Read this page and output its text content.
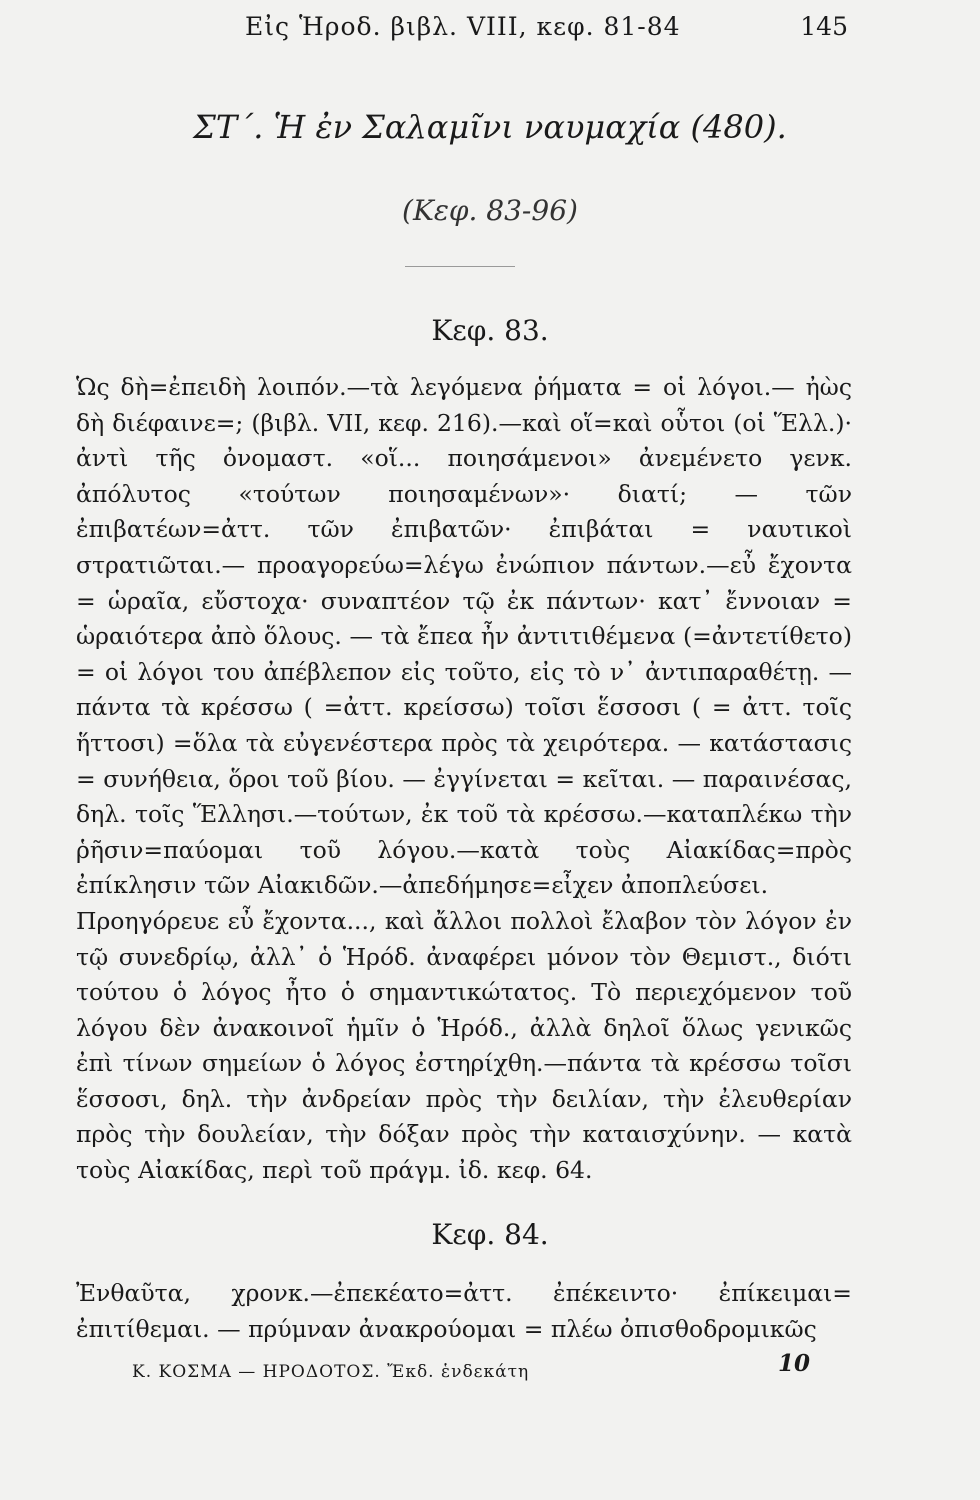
Εἰς Ἡροδ. βιβλ. VIII, κεφ. 81-84	145
ΣΤ΄. Ἡ ἐν Σαλαμῖνι ναυμαχία (480).
(Κεφ. 83-96)
Κεφ. 83.

Ὡς δὴ=ἐπειδὴ λοιπόν.—τὰ λεγόμενα ῥήματα = οἱ λόγοι.— ἠὼς δὴ διέφαινε=; (βιβλ. VII, κεφ. 216).—καὶ οἵ=καὶ οὗτοι (οἱ Ἕλλ.)· ἀντὶ τῆς ὀνομαστ. «οἵ... ποιησάμενοι» ἀνεμένετο γενκ. ἀπόλυτος «τούτων ποιησαμένων»· διατί; — τῶν ἐπιβατέων=ἀττ. τῶν ἐπιβατῶν· ἐπιβάται = ναυτικοὶ στρατιῶται.— προαγορεύω=λέγω ἐνώπιον πάντων.—εὖ ἔχοντα = ὡραῖα, εὔστοχα· συναπτέον τῷ ἐκ πάντων· κατ᾽ ἔννοιαν = ὡραιότερα ἀπὸ ὅλους. — τὰ ἔπεα ἦν ἀντιτιθέμενα (=ἀντετίθετο) = οἱ λόγοι του ἀπέβλεπον εἰς τοῦτο, εἰς τὸ ν᾽ ἀντιπαραθέτῃ. — πάντα τὰ κρέσσω ( =ἀττ. κρείσσω) τοῖσι ἕσσοσι ( = ἀττ. τοῖς ἥττοσι) =ὅλα τὰ εὐγενέστερα πρὸς τὰ χειρότερα. — κατάστασις = συνήθεια, ὅροι τοῦ βίου. — ἐγγίνεται = κεῖται. — παραινέσας, δηλ. τοῖς Ἕλλησι.—τούτων, ἐκ τοῦ τὰ κρέσσω.—καταπλέκω τὴν ῥῆσιν=παύομαι τοῦ λόγου.—κατὰ τοὺς Αἰακίδας=πρὸς ἐπίκλησιν τῶν Αἰακιδῶν.—ἀπεδήμησε=εἶχεν ἀποπλεύσει.

Προηγόρευε εὖ ἔχοντα..., καὶ ἄλλοι πολλοὶ ἔλαβον τὸν λόγον ἐν τῷ συνεδρίῳ, ἀλλ᾽ ὁ Ἡρόδ. ἀναφέρει μόνον τὸν Θεμιστ., διότι τούτου ὁ λόγος ἦτο ὁ σημαντικώτατος. Τὸ περιεχόμενον τοῦ λόγου δὲν ἀνακοινοῖ ἡμῖν ὁ Ἡρόδ., ἀλλὰ δηλοῖ ὅλως γενικῶς ἐπὶ τίνων σημείων ὁ λόγος ἐστηρίχθη.—πάντα τὰ κρέσσω τοῖσι ἕσσοσι, δηλ. τὴν ἀνδρείαν πρὸς τὴν δειλίαν, τὴν ἐλευθερίαν πρὸς τὴν δουλείαν, τὴν δόξαν πρὸς τὴν καταισχύνην. — κατὰ τοὺς Αἰακίδας, περὶ τοῦ πράγμ. ἰδ. κεφ. 64.

Κεφ. 84.

Ἐνθαῦτα, χρονκ.—ἐπεκέατο=ἀττ. ἐπέκειντο· ἐπίκειμαι= ἐπιτίθεμαι. — πρύμναν ἀνακρούομαι = πλέω ὀπισθοδρομικῶς

Κ. ΚΟΣΜΑ — ΗΡΟΔΟΤΟΣ. Ἔκδ. ἑνδεκάτη	10
